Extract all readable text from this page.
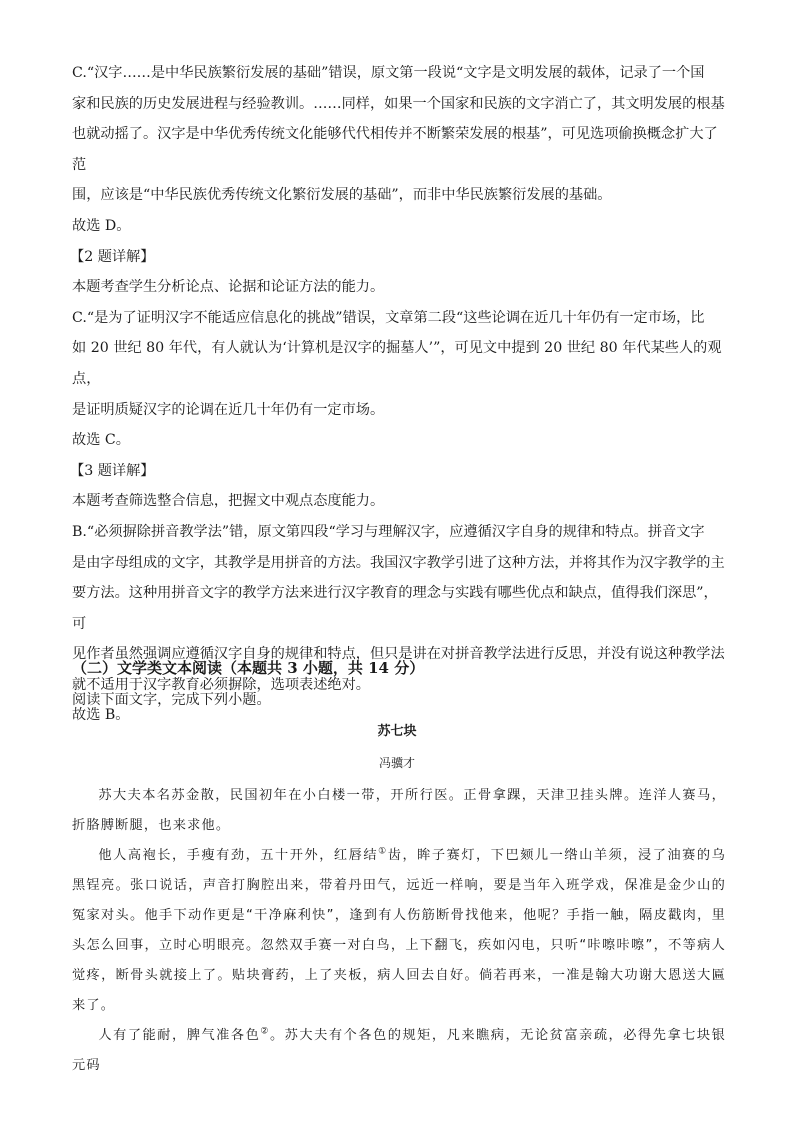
C.“汉字……是中华民族繁衍发展的基础”错误，原文第一段说“文字是文明发展的载体，记录了一个国

家和民族的历史发展进程与经验教训。……同样，如果一个国家和民族的文字消亡了，其文明发展的根基

也就动摇了。汉字是中华优秀传统文化能够代代相传并不断繁荣发展的根基”，可见选项偷换概念扩大了范

围，应该是“中华民族优秀传统文化繁衍发展的基础”，而非中华民族繁衍发展的基础。

故选 D。

【2 题详解】

本题考查学生分析论点、论据和论证方法的能力。

C.“是为了证明汉字不能适应信息化的挑战”错误，文章第二段“这些论调在近几十年仍有一定市场，比

如 20 世纪 80 年代，有人就认为‘计算机是汉字的掘墓人’”，可见文中提到 20 世纪 80 年代某些人的观点，

是证明质疑汉字的论调在近几十年仍有一定市场。

故选 C。

【3 题详解】

本题考查筛选整合信息，把握文中观点态度能力。

B.“必须摒除拼音教学法”错，原文第四段“学习与理解汉字，应遵循汉字自身的规律和特点。拼音文字

是由字母组成的文字，其教学是用拼音的方法。我国汉字教学引进了这种方法，并将其作为汉字教学的主

要方法。这种用拼音文字的教学方法来进行汉字教育的理念与实践有哪些优点和缺点，值得我们深思”，可

见作者虽然强调应遵循汉字自身的规律和特点，但只是讲在对拼音教学法进行反思，并没有说这种教学法

就不适用于汉字教育必须摒除，选项表述绝对。

故选 B。

（二）文学类文本阅读（本题共 3 小题，共 14 分）
阅读下面文字，完成下列小题。
苏七块
冯骥才

苏大夫本名苏金散，民国初年在小白楼一带，开所行医。正骨拿踝，天津卫挂头牌。连洋人赛马，折胳膊断腿，也来求他。

他人高袍长，手瘦有劲，五十开外，红唇结①齿，眸子赛灯，下巴颏儿一绺山羊须，浸了油赛的乌黑锃亮。张口说话，声音打胸腔出来，带着丹田气，远近一样响，要是当年入班学戏，保准是金少山的冤家对头。他手下动作更是“干净麻利快”，逢到有人伤筋断骨找他来，他呢？手指一触，隔皮戳肉，里头怎么回事，立时心明眼亮。忽然双手赛一对白鸟，上下翻飞，疾如闪电，只听“咔嚓咔嚓”，不等病人觉疼，断骨头就接上了。贴块膏药，上了夹板，病人回去自好。倘若再来，一准是翰大功谢大恩送大匾来了。

人有了能耐，脾气准各色②。苏大夫有个各色的规矩，凡来瞧病，无论贫富亲疏，必得先拿七块银元码
